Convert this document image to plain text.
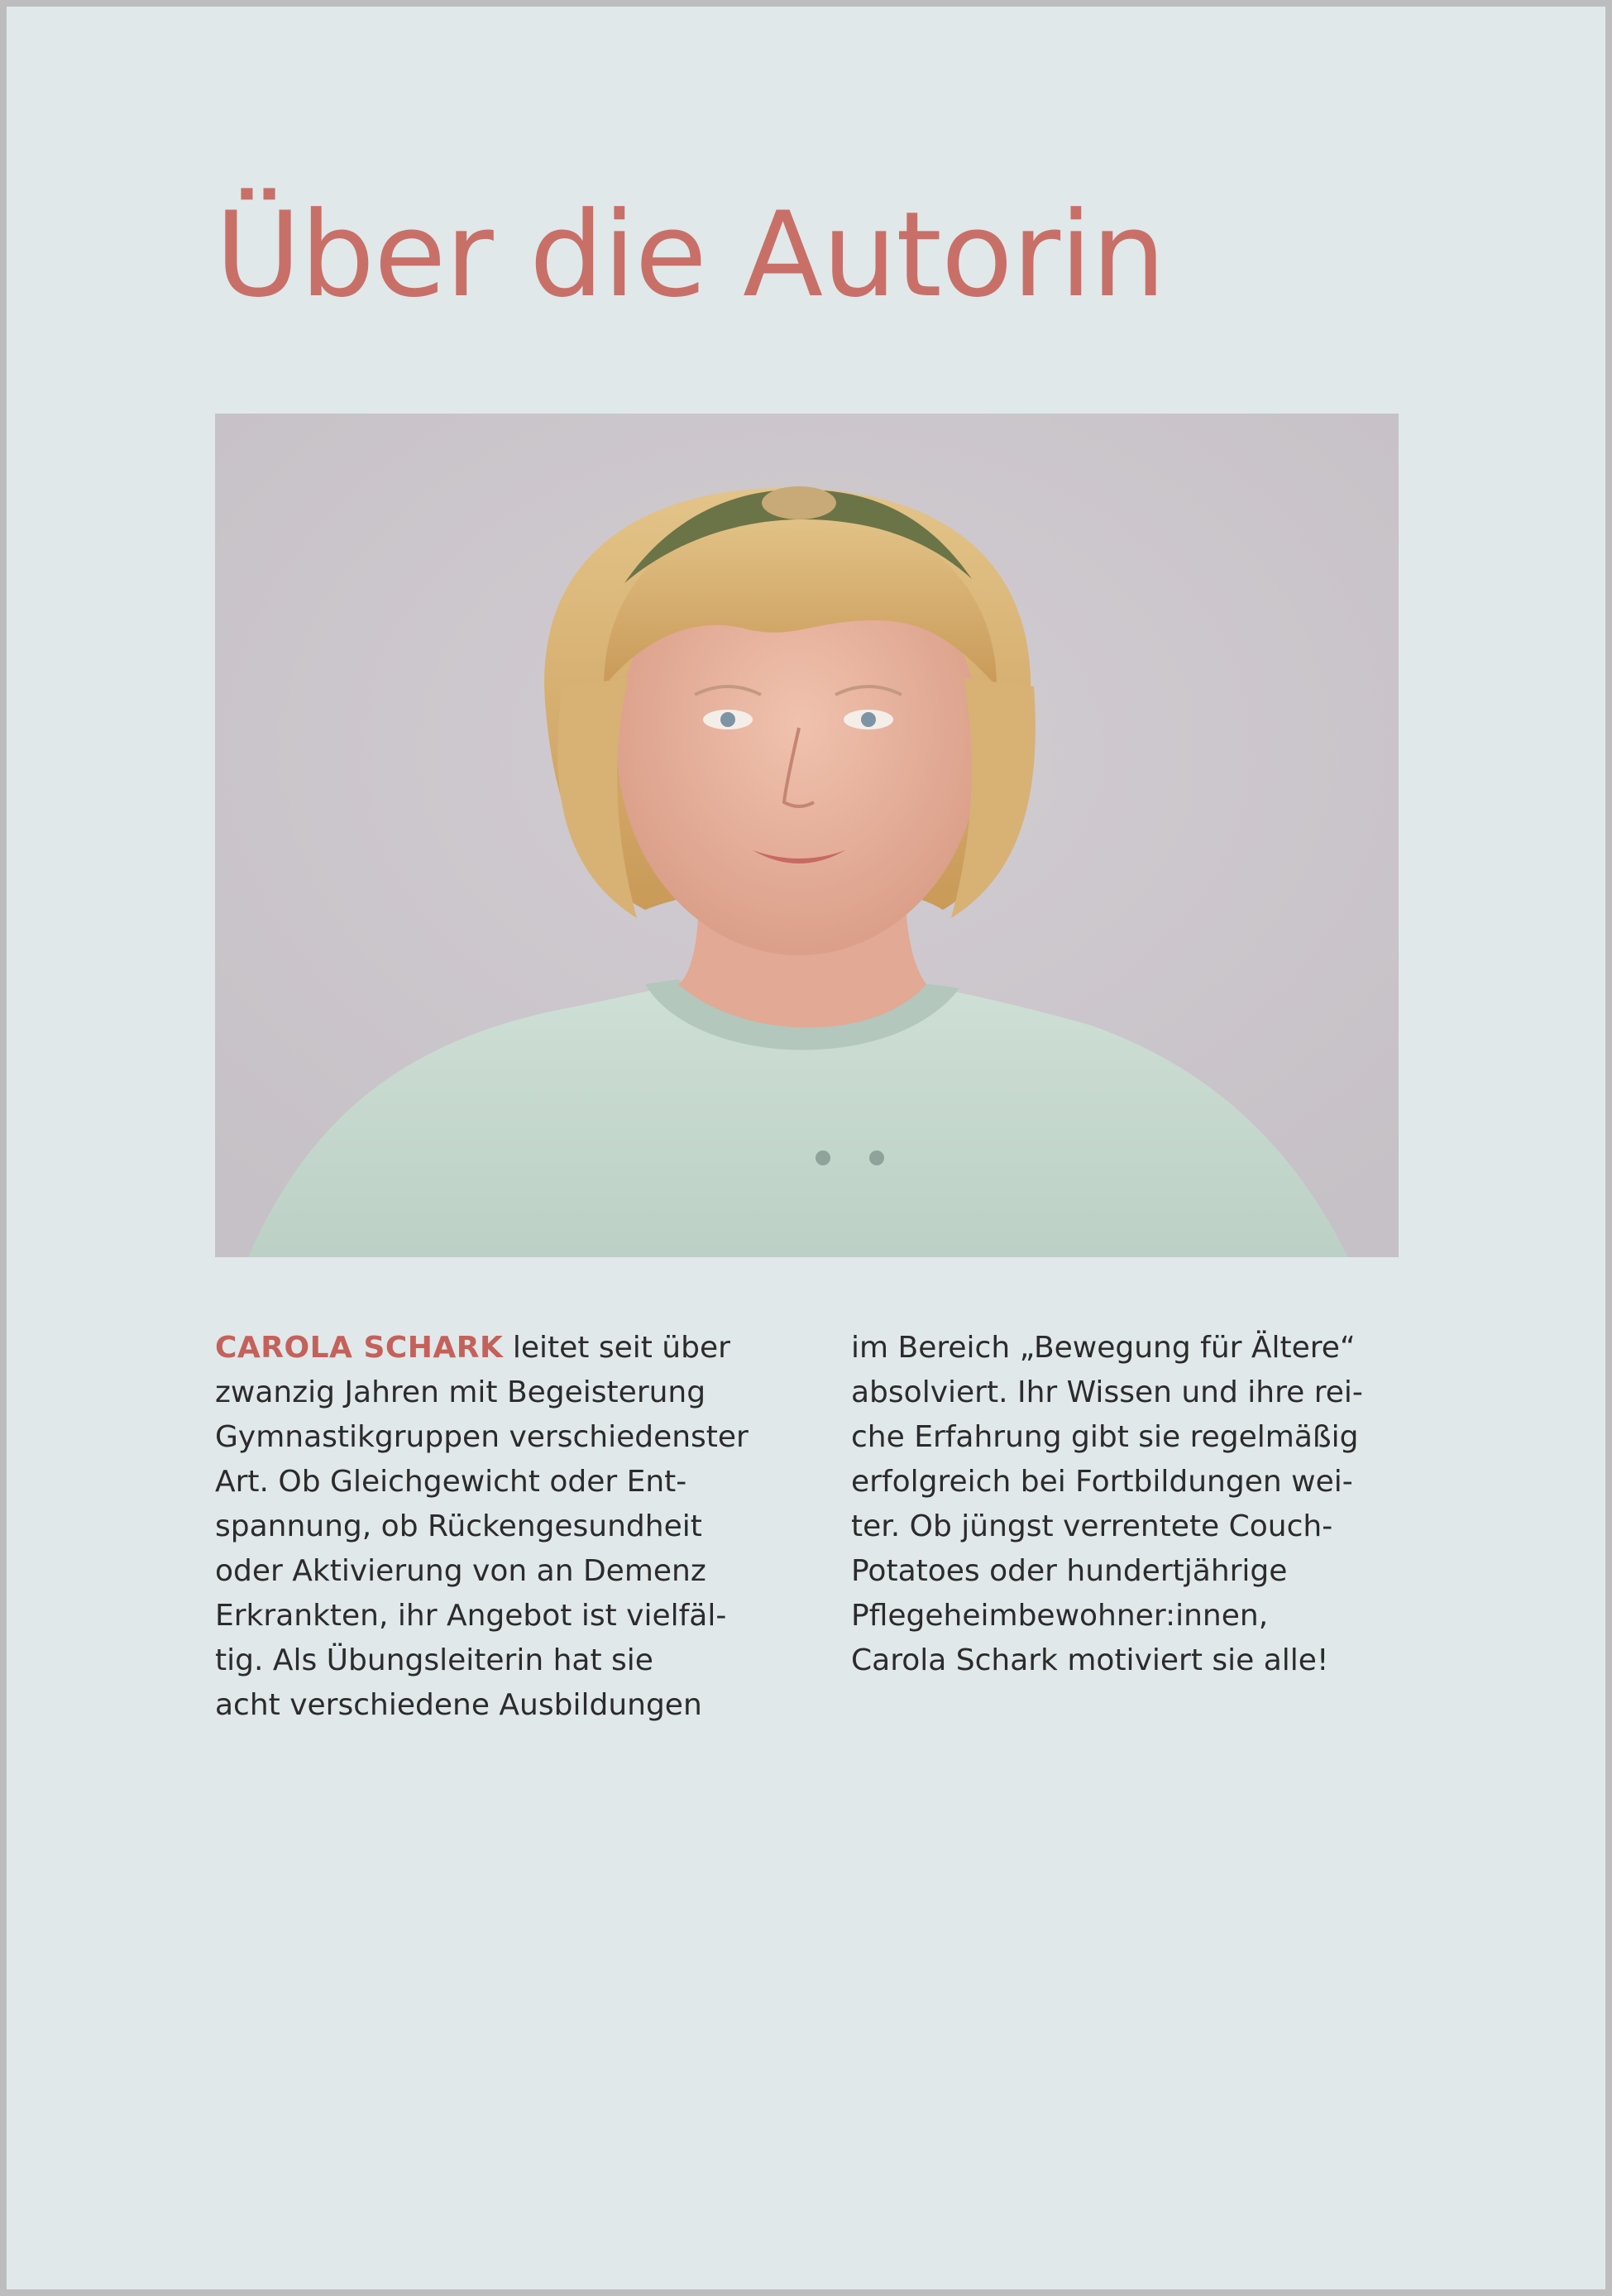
Über die Autorin
CAROLA SCHARK leitet seit über
zwanzig Jahren mit Begeisterung
Gymnastikgruppen verschiedenster
Art. Ob Gleichgewicht oder Ent-
spannung, ob Rückengesundheit
oder Aktivierung von an Demenz
Erkrankten, ihr Angebot ist vielfäl-
tig. Als Übungsleiterin hat sie
acht verschiedene Ausbildungen
im Bereich „Bewegung für Ältere“
absolviert. Ihr Wissen und ihre rei-
che Erfahrung gibt sie regelmäßig
erfolgreich bei Fortbildungen wei-
ter. Ob jüngst verrentete Couch-
Potatoes oder hundertjährige
Pflegeheimbewohner:innen,
Carola Schark motiviert sie alle!
